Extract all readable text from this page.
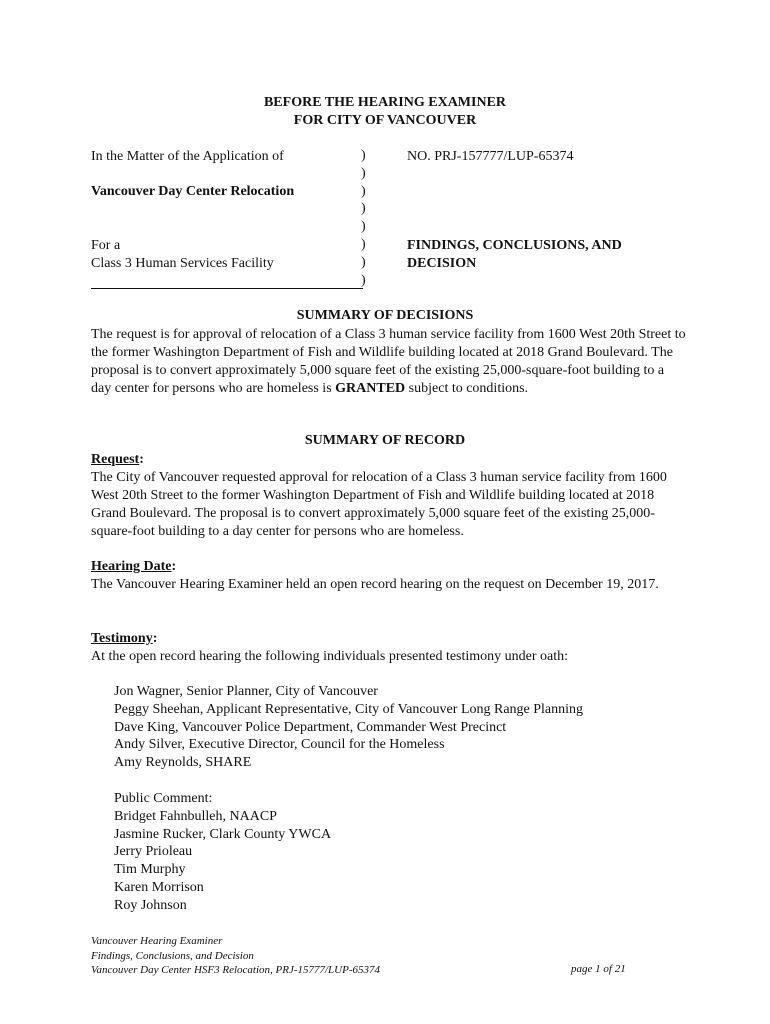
BEFORE THE HEARING EXAMINER
FOR CITY OF VANCOUVER
In the Matter of the Application of
Vancouver Day Center Relocation
For a
Class 3 Human Services Facility
)
)
)
)
)
)
)
)
NO. PRJ-157777/LUP-65374
FINDINGS, CONCLUSIONS, AND
DECISION
SUMMARY OF DECISIONS
The request is for approval of relocation of a Class 3 human service facility from 1600 West 20th Street to the former Washington Department of Fish and Wildlife building located at 2018 Grand Boulevard. The proposal is to convert approximately 5,000 square feet of the existing 25,000-square-foot building to a day center for persons who are homeless is GRANTED subject to conditions.
SUMMARY OF RECORD
Request:
The City of Vancouver requested approval for relocation of a Class 3 human service facility from 1600 West 20th Street to the former Washington Department of Fish and Wildlife building located at 2018 Grand Boulevard. The proposal is to convert approximately 5,000 square feet of the existing 25,000-square-foot building to a day center for persons who are homeless.
Hearing Date:
The Vancouver Hearing Examiner held an open record hearing on the request on December 19, 2017.
Testimony:
At the open record hearing the following individuals presented testimony under oath:
Jon Wagner, Senior Planner, City of Vancouver
Peggy Sheehan, Applicant Representative, City of Vancouver Long Range Planning
Dave King, Vancouver Police Department, Commander West Precinct
Andy Silver, Executive Director, Council for the Homeless
Amy Reynolds, SHARE
Public Comment:
Bridget Fahnbulleh, NAACP
Jasmine Rucker, Clark County YWCA
Jerry Prioleau
Tim Murphy
Karen Morrison
Roy Johnson
Vancouver Hearing Examiner
Findings, Conclusions, and Decision
Vancouver Day Center HSF3 Relocation, PRJ-15777/LUP-65374	page 1 of 21
